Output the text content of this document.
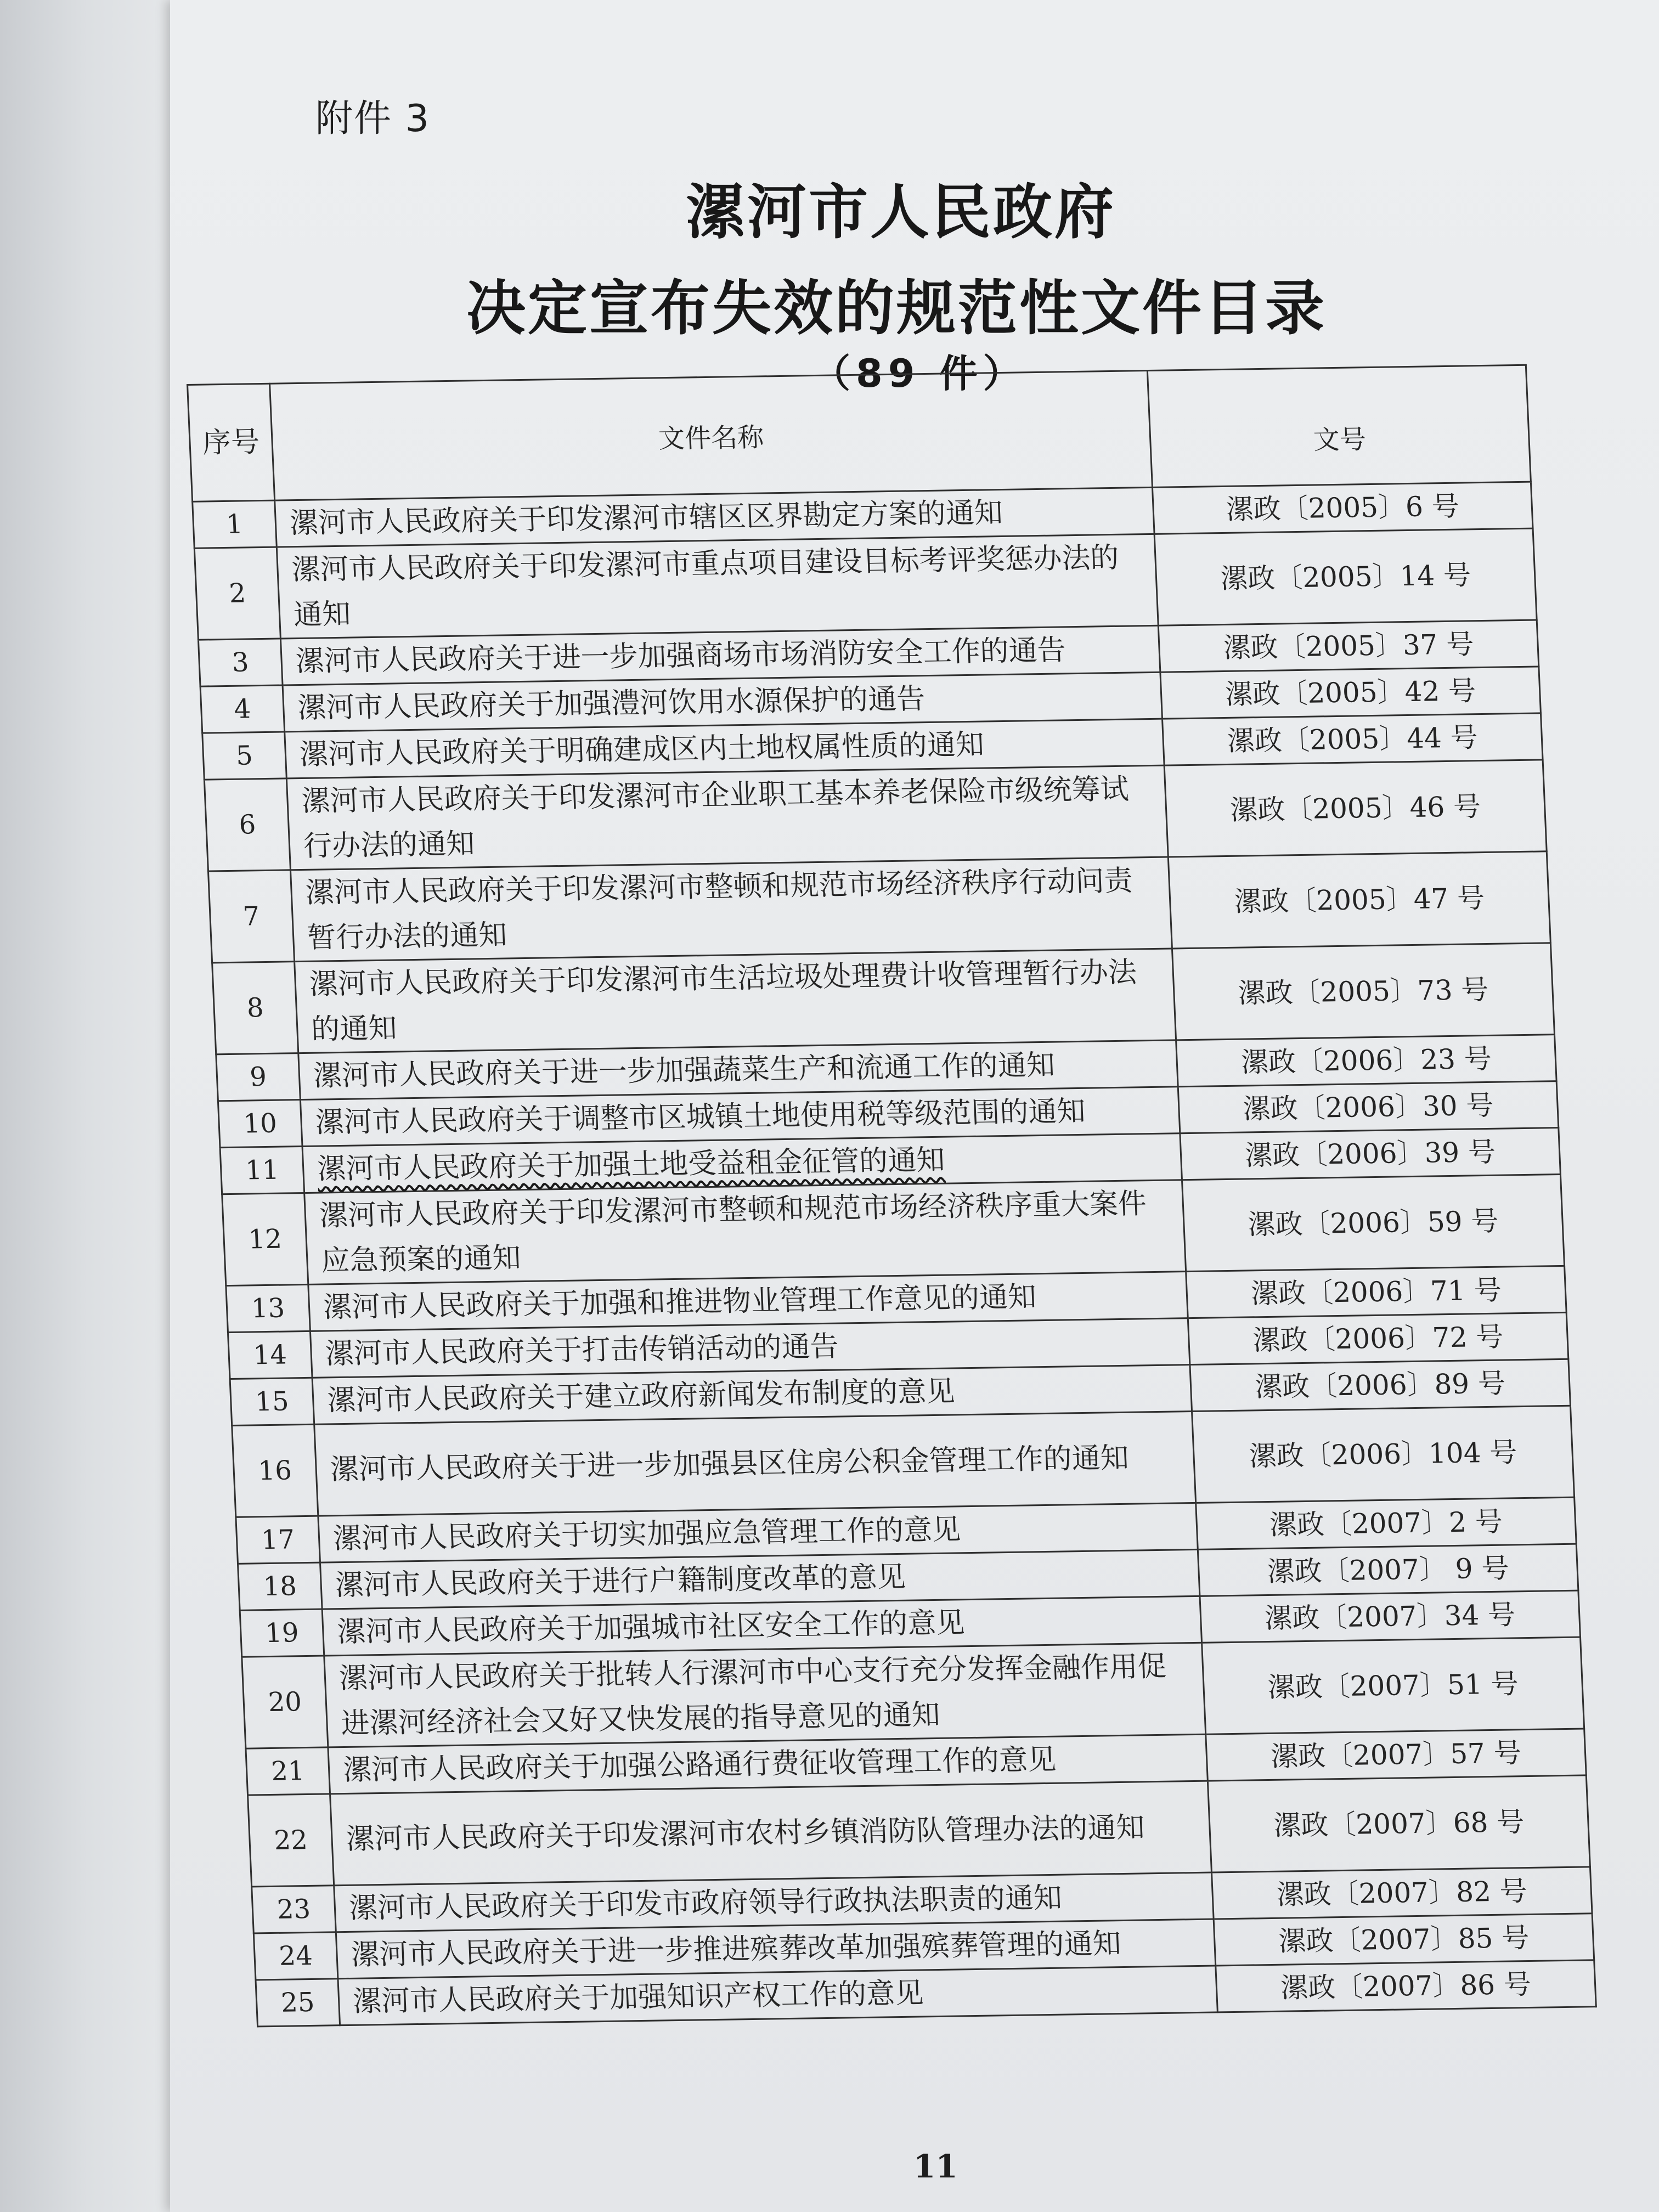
附件 3
漯河市人民政府
决定宣布失效的规范性文件目录
（89 件）
序号	文件名称	文号
1	漯河市人民政府关于印发漯河市辖区区界勘定方案的通知	漯政〔2005〕6 号
2	漯河市人民政府关于印发漯河市重点项目建设目标考评奖惩办法的通知	漯政〔2005〕14 号
3	漯河市人民政府关于进一步加强商场市场消防安全工作的通告	漯政〔2005〕37 号
4	漯河市人民政府关于加强澧河饮用水源保护的通告	漯政〔2005〕42 号
5	漯河市人民政府关于明确建成区内土地权属性质的通知	漯政〔2005〕44 号
6	漯河市人民政府关于印发漯河市企业职工基本养老保险市级统筹试行办法的通知	漯政〔2005〕46 号
7	漯河市人民政府关于印发漯河市整顿和规范市场经济秩序行动问责暂行办法的通知	漯政〔2005〕47 号
8	漯河市人民政府关于印发漯河市生活垃圾处理费计收管理暂行办法的通知	漯政〔2005〕73 号
9	漯河市人民政府关于进一步加强蔬菜生产和流通工作的通知	漯政〔2006〕23 号
10	漯河市人民政府关于调整市区城镇土地使用税等级范围的通知	漯政〔2006〕30 号
11	漯河市人民政府关于加强土地受益租金征管的通知	漯政〔2006〕39 号
12	漯河市人民政府关于印发漯河市整顿和规范市场经济秩序重大案件应急预案的通知	漯政〔2006〕59 号
13	漯河市人民政府关于加强和推进物业管理工作意见的通知	漯政〔2006〕71 号
14	漯河市人民政府关于打击传销活动的通告	漯政〔2006〕72 号
15	漯河市人民政府关于建立政府新闻发布制度的意见	漯政〔2006〕89 号
16	漯河市人民政府关于进一步加强县区住房公积金管理工作的通知	漯政〔2006〕104 号
17	漯河市人民政府关于切实加强应急管理工作的意见	漯政〔2007〕2 号
18	漯河市人民政府关于进行户籍制度改革的意见	漯政〔2007〕 9 号
19	漯河市人民政府关于加强城市社区安全工作的意见	漯政〔2007〕34 号
20	漯河市人民政府关于批转人行漯河市中心支行充分发挥金融作用促进漯河经济社会又好又快发展的指导意见的通知	漯政〔2007〕51 号
21	漯河市人民政府关于加强公路通行费征收管理工作的意见	漯政〔2007〕57 号
22	漯河市人民政府关于印发漯河市农村乡镇消防队管理办法的通知	漯政〔2007〕68 号
23	漯河市人民政府关于印发市政府领导行政执法职责的通知	漯政〔2007〕82 号
24	漯河市人民政府关于进一步推进殡葬改革加强殡葬管理的通知	漯政〔2007〕85 号
25	漯河市人民政府关于加强知识产权工作的意见	漯政〔2007〕86 号
11
